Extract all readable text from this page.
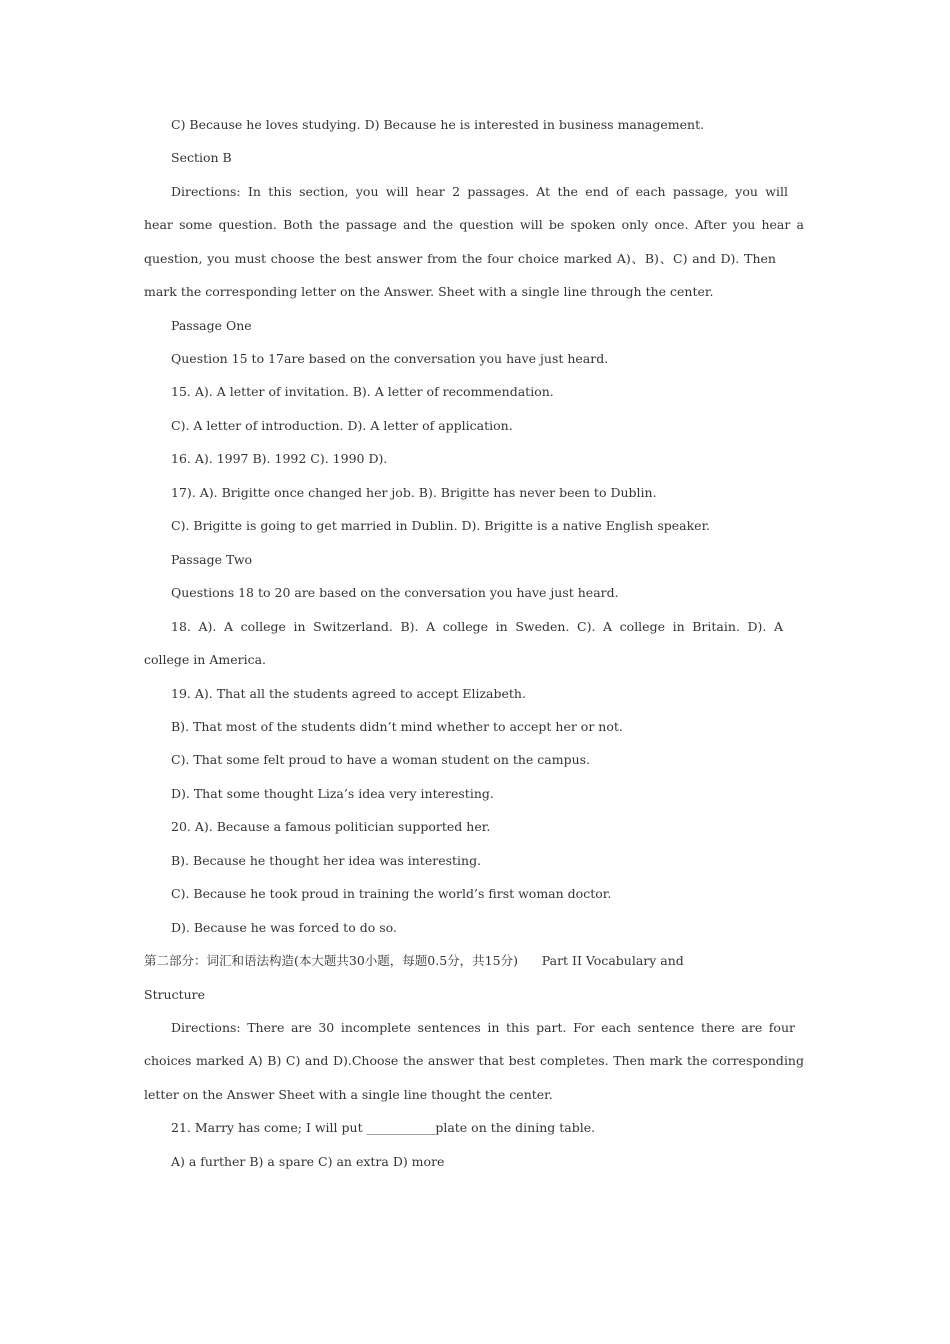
C) Because he loves studying. D) Because he is interested in business management.
Section B
Directions: In this section, you will hear 2 passages. At the end of each passage, you will
hear some question. Both the passage and the question will be spoken only once. After you hear a
question, you must choose the best answer from the four choice marked A)、B)、C) and D). Then
mark the corresponding letter on the Answer. Sheet with a single line through the center.
Passage One
Question 15 to 17are based on the conversation you have just heard.
15. A). A letter of invitation. B). A letter of recommendation.
C). A letter of introduction. D). A letter of application.
16. A). 1997 B). 1992 C). 1990 D).
17). A). Brigitte once changed her job. B). Brigitte has never been to Dublin.
C). Brigitte is going to get married in Dublin. D). Brigitte is a native English speaker.
Passage Two
Questions 18 to 20 are based on the conversation you have just heard.
18. A). A college in Switzerland. B). A college in Sweden. C). A college in Britain. D). A
college in America.
19. A). That all the students agreed to accept Elizabeth.
B). That most of the students didn’t mind whether to accept her or not.
C). That some felt proud to have a woman student on the campus.
D). That some thought Liza’s idea very interesting.
20. A). Because a famous politician supported her.
B). Because he thought her idea was interesting.
C). Because he took proud in training the world’s first woman doctor.
D). Because he was forced to do so.
第二部分：词汇和语法构造(本大题共30小题，每题0.5分，共15分)      Part II Vocabulary and
Structure
Directions: There are 30 incomplete sentences in this part. For each sentence there are four
choices marked A) B) C) and D).Choose the answer that best completes. Then mark the corresponding
letter on the Answer Sheet with a single line thought the center.
21. Marry has come; I will put ___________plate on the dining table.
A) a further B) a spare C) an extra D) more
